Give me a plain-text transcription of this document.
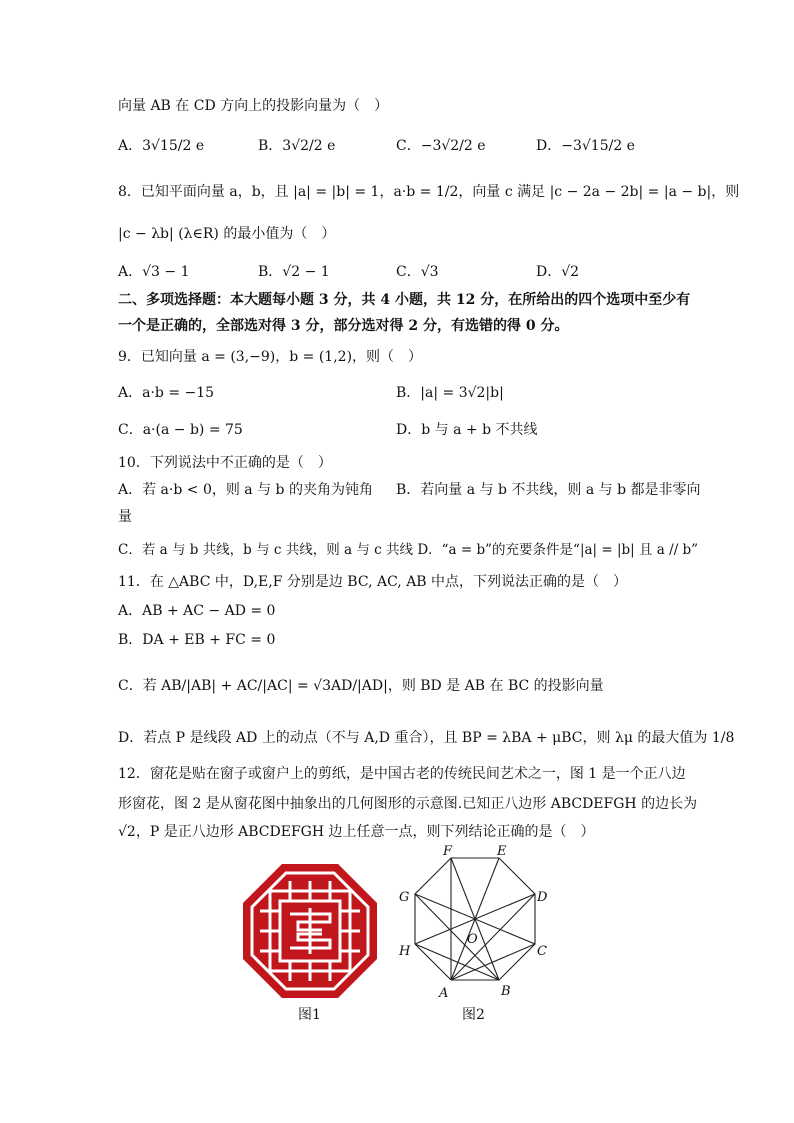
向量 AB 在 CD 方向上的投影向量为（　）
A．3√15/2 e	B．3√2/2 e	C．−3√2/2 e	D．−3√15/2 e
8．已知平面向量 a，b，且 |a| = |b| = 1，a·b = 1/2，向量 c 满足 |c − 2a − 2b| = |a − b|，则
|c − λb| (λ∈R) 的最小值为（　）
A．√3 − 1	B．√2 − 1	C．√3	D．√2
二、多项选择题：本大题每小题 3 分，共 4 小题，共 12 分，在所给出的四个选项中至少有
一个是正确的，全部选对得 3 分，部分选对得 2 分，有选错的得 0 分。
9．已知向量 a = (3,−9)，b = (1,2)，则（　）
A．a·b = −15	B．|a| = 3√2|b|
C．a·(a − b) = 75	D．b 与 a + b 不共线
10．下列说法中不正确的是（　）
A．若 a·b < 0，则 a 与 b 的夹角为钝角 B．若向量 a 与 b 不共线，则 a 与 b 都是非零向
量
C．若 a 与 b 共线，b 与 c 共线，则 a 与 c 共线 D．“a = b”的充要条件是“|a| = |b| 且 a // b”
11．在 △ABC 中，D,E,F 分别是边 BC, AC, AB 中点，下列说法正确的是（　）
A．AB + AC − AD = 0
B．DA + EB + FC = 0
C．若 AB/|AB| + AC/|AC| = √3AD/|AD|，则 BD 是 AB 在 BC 的投影向量
D．若点 P 是线段 AD 上的动点（不与 A,D 重合），且 BP = λBA + μBC，则 λμ 的最大值为 1/8
12．窗花是贴在窗子或窗户上的剪纸，是中国古老的传统民间艺术之一，图 1 是一个正八边
形窗花，图 2 是从窗花图中抽象出的几何图形的示意图.已知正八边形 ABCDEFGH 的边长为
√2，P 是正八边形 ABCDEFGH 边上任意一点，则下列结论正确的是（　）
图1
A	B
C
D
E
F
G
H
O
图2
